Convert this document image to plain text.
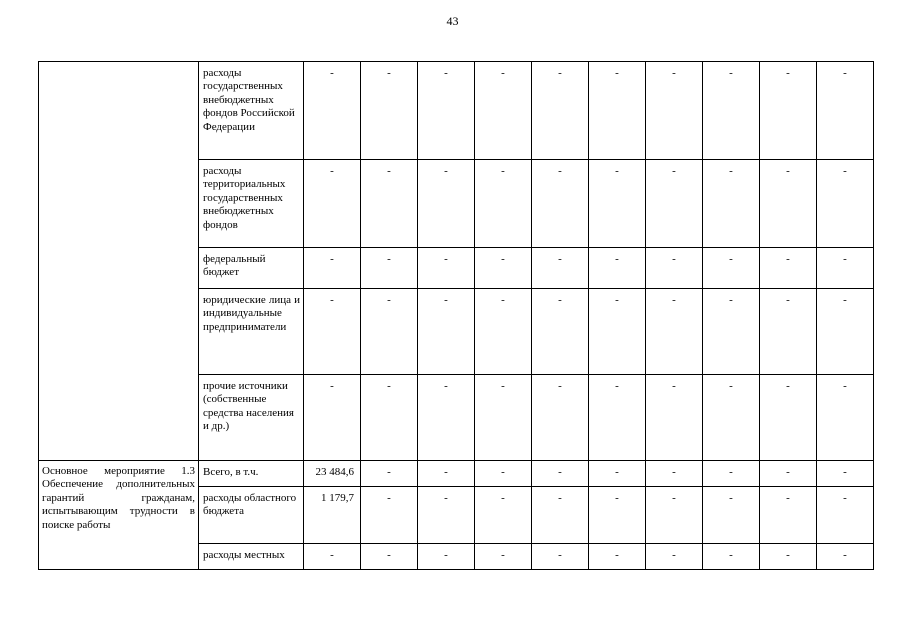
43
	расходы государственных внебюджетных фондов Российской Федерации	-	-	-	-	-	-	-	-	-	-
	расходы территориальных государственных внебюджетных фондов	-	-	-	-	-	-	-	-	-	-
	федеральный бюджет	-	-	-	-	-	-	-	-	-	-
	юридические лица и индивидуальные предприниматели	-	-	-	-	-	-	-	-	-	-
	прочие источники (собственные средства населения и др.)	-	-	-	-	-	-	-	-	-	-
Основное мероприятие 1.3 Обеспечение дополнительных гарантий гражданам, испытывающим трудности в поиске работы	Всего, в т.ч.	23 484,6	-	-	-	-	-	-	-	-	-
	расходы областного бюджета	1 179,7	-	-	-	-	-	-	-	-	-
	расходы местных	-	-	-	-	-	-	-	-	-	-
